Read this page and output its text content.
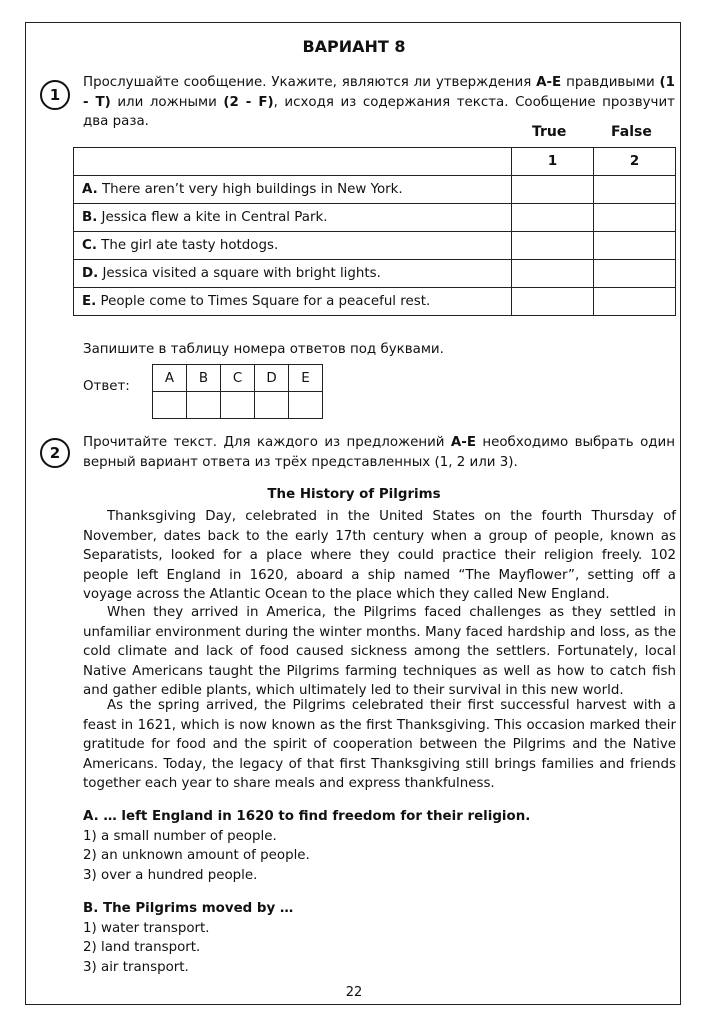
ВАРИАНТ 8
1
Прослушайте сообщение. Укажите, являются ли утверждения A-E правдивыми (1 - T) или ложными (2 - F), исходя из содержания текста. Сообщение прозвучит два раза.
True	False
	1	2
A. There aren’t very high buildings in New York.		
B. Jessica flew a kite in Central Park.		
C. The girl ate tasty hotdogs.		
D. Jessica visited a square with bright lights.		
E. People come to Times Square for a peaceful rest.		
Запишите в таблицу номера ответов под буквами.
Ответ:
A	B	C	D	E

2
Прочитайте текст. Для каждого из предложений A-E необходимо выбрать один верный вариант ответа из трёх представленных (1, 2 или 3).
The History of Pilgrims

Thanksgiving Day, celebrated in the United States on the fourth Thursday of November, dates back to the early 17th century when a group of people, known as Separatists, looked for a place where they could practice their religion freely. 102 people left England in 1620, aboard a ship named “The Mayflower”, setting off a voyage across the Atlantic Ocean to the place which they called New England.

When they arrived in America, the Pilgrims faced challenges as they settled in unfamiliar environment during the winter months. Many faced hardship and loss, as the cold climate and lack of food caused sickness among the settlers. Fortunately, local Native Americans taught the Pilgrims farming techniques as well as how to catch fish and gather edible plants, which ultimately led to their survival in this new world.

As the spring arrived, the Pilgrims celebrated their first successful harvest with a feast in 1621, which is now known as the first Thanksgiving. This occasion marked their gratitude for food and the spirit of cooperation between the Pilgrims and the Native Americans. Today, the legacy of that first Thanksgiving still brings families and friends together each year to share meals and express thankfulness.

A. … left England in 1620 to find freedom for their religion.
1) a small number of people.
2) an unknown amount of people.
3) over a hundred people.
B. The Pilgrims moved by …
1) water transport.
2) land transport.
3) air transport.
22
